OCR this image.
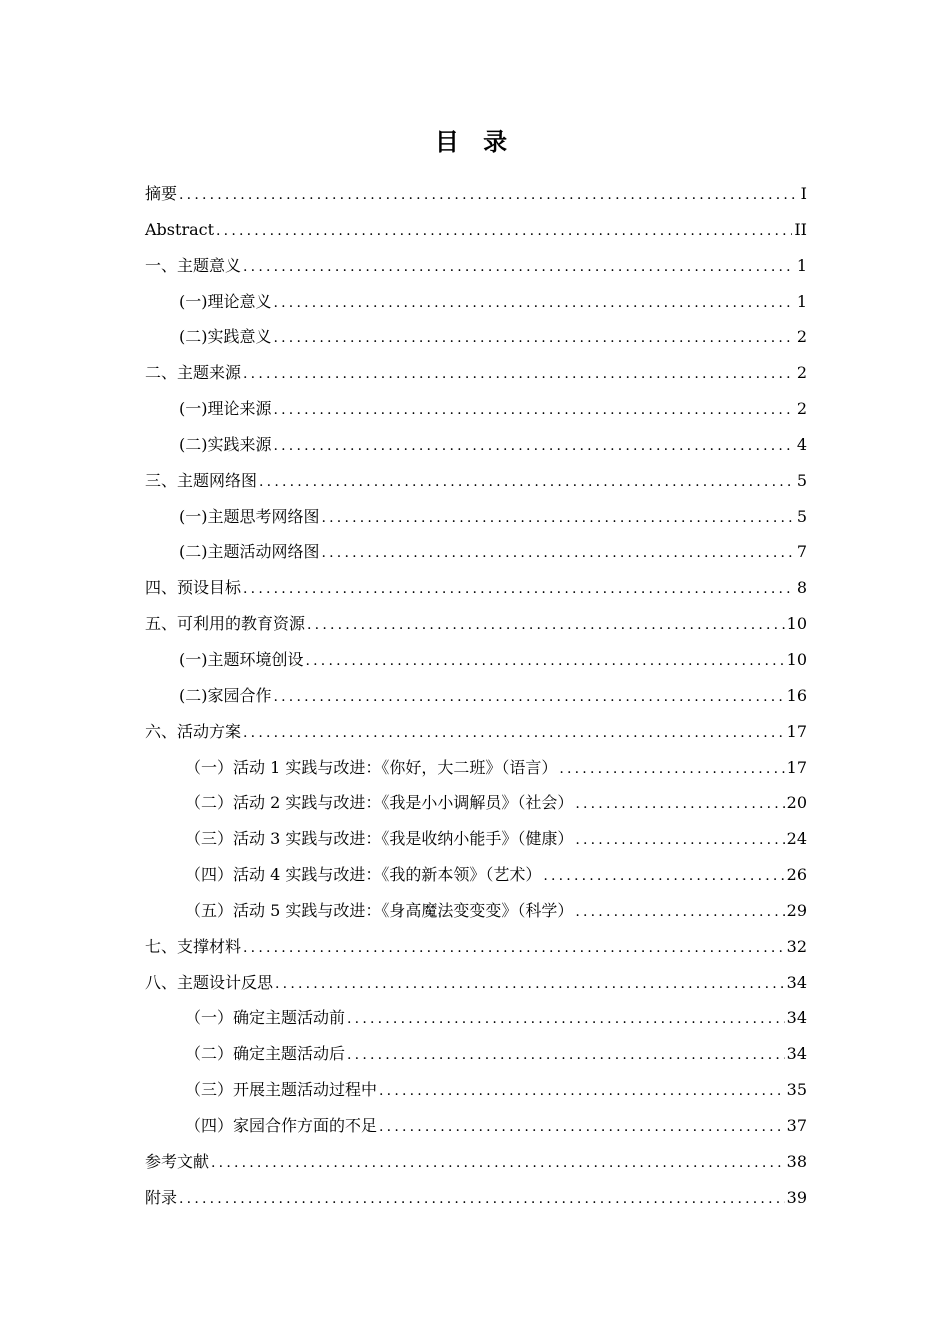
目 录
摘要 .....	I
Abstract .....	II
一、主题意义 .....	1
(一)理论意义 .....	1
(二)实践意义 .....	2
二、主题来源 .....	2
(一)理论来源 .....	2
(二)实践来源 .....	4
三、主题网络图 .....	5
(一)主题思考网络图 .....	5
(二)主题活动网络图 .....	7
四、预设目标 .....	8
五、可利用的教育资源 .....	10
(一)主题环境创设 .....	10
(二)家园合作 .....	16
六、活动方案 .....	17
（一）活动 1 实践与改进：《你好，大二班》（语言） .....	17
（二）活动 2 实践与改进：《我是小小调解员》（社会） .....	20
（三）活动 3 实践与改进：《我是收纳小能手》（健康） .....	24
（四）活动 4 实践与改进：《我的新本领》（艺术） .....	26
（五）活动 5 实践与改进：《身高魔法变变变》（科学） .....	29
七、支撑材料 .....	32
八、主题设计反思 .....	34
（一）确定主题活动前 .....	34
（二）确定主题活动后 .....	34
（三）开展主题活动过程中 .....	35
（四）家园合作方面的不足 .....	37
参考文献 .....	38
附录 .....	39
